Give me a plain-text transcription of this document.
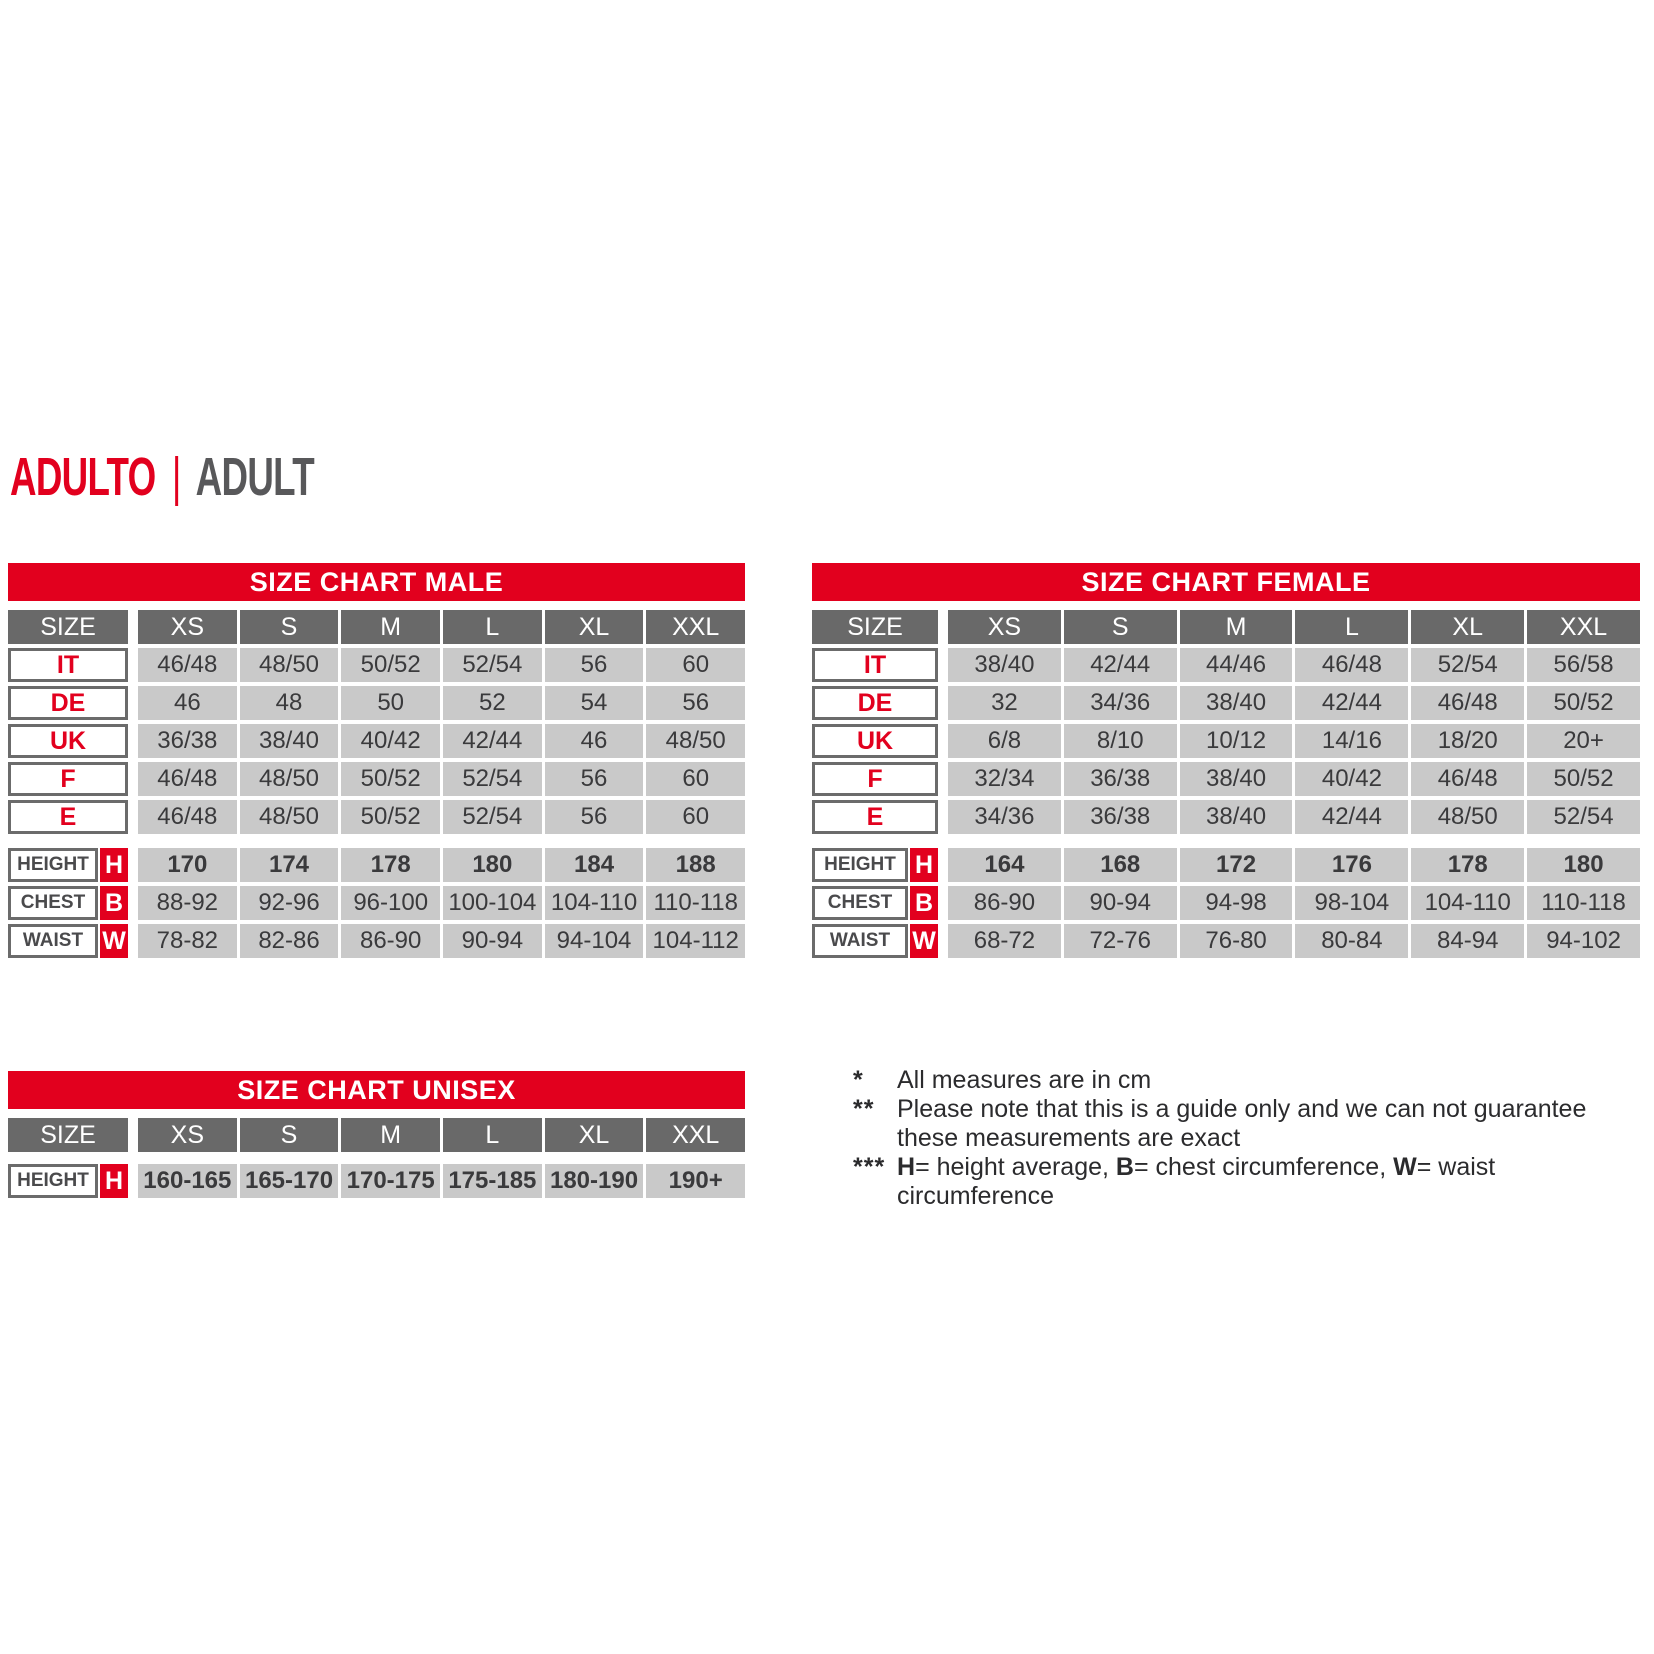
ADULTO | ADULT
SIZE CHART MALE
SIZE	XS	S	M	L	XL	XXL
IT	46/48	48/50	50/52	52/54	56	60
DE	46	48	50	52	54	56
UK	36/38	38/40	40/42	42/44	46	48/50
F	46/48	48/50	50/52	52/54	56	60
E	46/48	48/50	50/52	52/54	56	60
HEIGHT H	170	174	178	180	184	188
CHEST B	88-92	92-96	96-100 100-104 104-110 110-118
WAIST W	78-82	82-86	86-90	90-94	94-104 104-112
SIZE CHART FEMALE
SIZE	XS	S	M	L	XL	XXL
IT	38/40	42/44	44/46	46/48	52/54	56/58
DE	32	34/36	38/40	42/44	46/48	50/52
UK	6/8	8/10	10/12	14/16	18/20	20+
F	32/34	36/38	38/40	40/42	46/48	50/52
E	34/36	36/38	38/40	42/44	48/50	52/54
HEIGHT H	164	168	172	176	178	180
CHEST B	86-90	90-94	94-98	98-104	104-110	110-118
WAIST W	68-72	72-76	76-80	80-84	84-94	94-102
SIZE CHART UNISEX
SIZE	XS	S	M	L	XL	XXL
HEIGHT H 160-165 165-170 170-175 175-185 180-190	190+
*	All measures are in cm
** Please note that this is a guide only and we can not guarantee
these measurements are exact
*** H= height average, B= chest circumference, W= waist circumference
